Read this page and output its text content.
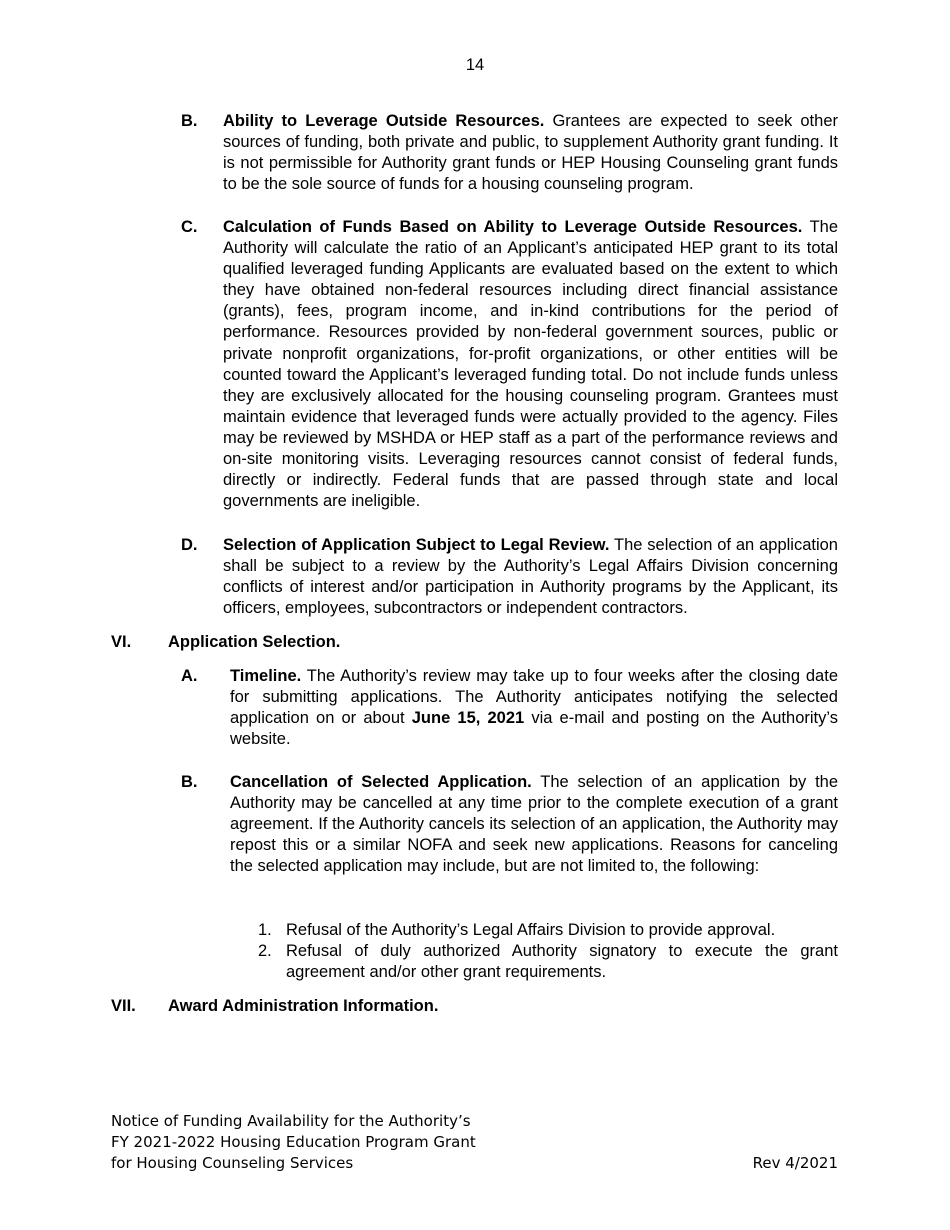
14
B. Ability to Leverage Outside Resources. Grantees are expected to seek other sources of funding, both private and public, to supplement Authority grant funding. It is not permissible for Authority grant funds or HEP Housing Counseling grant funds to be the sole source of funds for a housing counseling program.
C. Calculation of Funds Based on Ability to Leverage Outside Resources. The Authority will calculate the ratio of an Applicant’s anticipated HEP grant to its total qualified leveraged funding Applicants are evaluated based on the extent to which they have obtained non-federal resources including direct financial assistance (grants), fees, program income, and in-kind contributions for the period of performance. Resources provided by non-federal government sources, public or private nonprofit organizations, for-profit organizations, or other entities will be counted toward the Applicant’s leveraged funding total. Do not include funds unless they are exclusively allocated for the housing counseling program. Grantees must maintain evidence that leveraged funds were actually provided to the agency. Files may be reviewed by MSHDA or HEP staff as a part of the performance reviews and on-site monitoring visits. Leveraging resources cannot consist of federal funds, directly or indirectly. Federal funds that are passed through state and local governments are ineligible.
D. Selection of Application Subject to Legal Review. The selection of an application shall be subject to a review by the Authority’s Legal Affairs Division concerning conflicts of interest and/or participation in Authority programs by the Applicant, its officers, employees, subcontractors or independent contractors.
VI. Application Selection.
A. Timeline. The Authority’s review may take up to four weeks after the closing date for submitting applications. The Authority anticipates notifying the selected application on or about June 15, 2021 via e-mail and posting on the Authority’s website.
B. Cancellation of Selected Application. The selection of an application by the Authority may be cancelled at any time prior to the complete execution of a grant agreement. If the Authority cancels its selection of an application, the Authority may repost this or a similar NOFA and seek new applications. Reasons for canceling the selected application may include, but are not limited to, the following:
1. Refusal of the Authority’s Legal Affairs Division to provide approval.
2. Refusal of duly authorized Authority signatory to execute the grant agreement and/or other grant requirements.
VII. Award Administration Information.
Notice of Funding Availability for the Authority’s
FY 2021-2022 Housing Education Program Grant
for Housing Counseling Services	Rev 4/2021
